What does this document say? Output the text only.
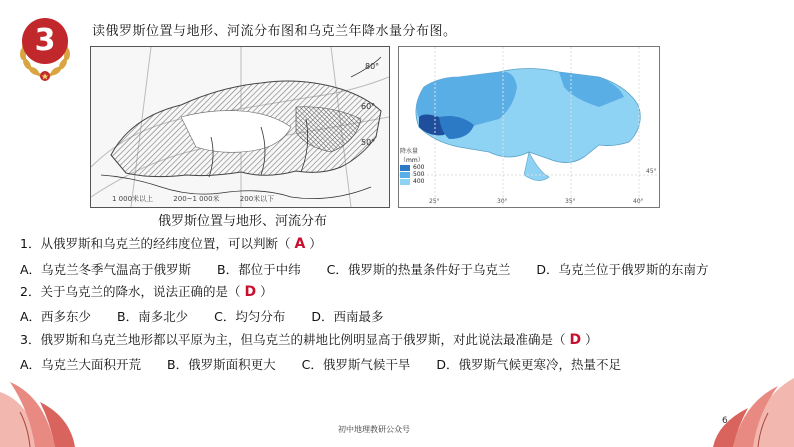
3	读俄罗斯位置与地形、河流分布图和乌克兰年降水量分布图。
80°
60°
50°
1 000米以上	200~1 000米	200米以下
俄罗斯位置与地形、河流分布
25°	30°	35°	40°
45°
降水量（mm）
600
500
400
1．从俄罗斯和乌克兰的经纬度位置，可以判断（ A ）
A．乌克兰冬季气温高于俄罗斯 B．都位于中纬 C．俄罗斯的热量条件好于乌克兰 D．乌克兰位于俄罗斯的东南方
2．关于乌克兰的降水，说法正确的是（ D ）
A．西多东少 B．南多北少 C．均匀分布 D．西南最多
3．俄罗斯和乌克兰地形都以平原为主，但乌克兰的耕地比例明显高于俄罗斯，对此说法最准确是（ D ）
A．乌克兰大面积开荒 B．俄罗斯面积更大 C．俄罗斯气候干旱 D．俄罗斯气候更寒冷，热量不足
6
初中地理教研公众号
